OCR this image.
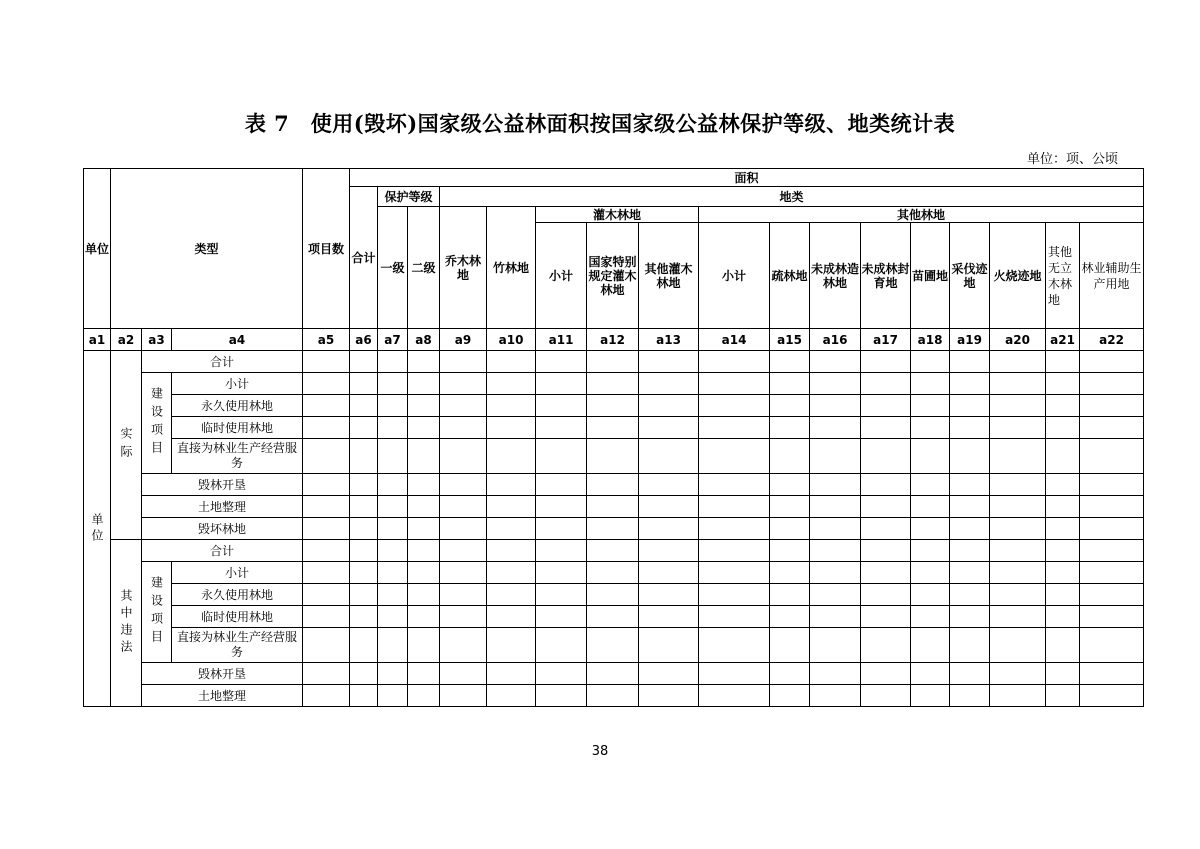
表 7　使用(毁坏)国家级公益林面积按国家级公益林保护等级、地类统计表
单位：项、公顷
单位	类型			项目数	面积																
					合计	保护等级		地类													
						一级	二级	乔木林地	竹林地	灌木林地			其他林地								
										小计	国家特别规定灌木林地	其他灌木林地	小计	疏林地	未成林造林地	未成林封育地	苗圃地	采伐迹地	火烧迹地	其他无立木林地	林业辅助生产用地

a1	a2	a3	a4	a5	a6	a7	a8	a9	a10	a11	a12	a13	a14	a15	a16	a17	a18	a19	a20	a21	a22
单位	实际	合计																			
		建设项目	小计																		
			永久使用林地																		
			临时使用林地																		
			直接为林业生产经营服务																		
		毁林开垦																			
		土地整理																			
		毁坏林地																			
	其中违法	合计																			
		建设项目	小计																		
			永久使用林地																		
			临时使用林地																		
			直接为林业生产经营服务																		
		毁林开垦																			
		土地整理																			
38
